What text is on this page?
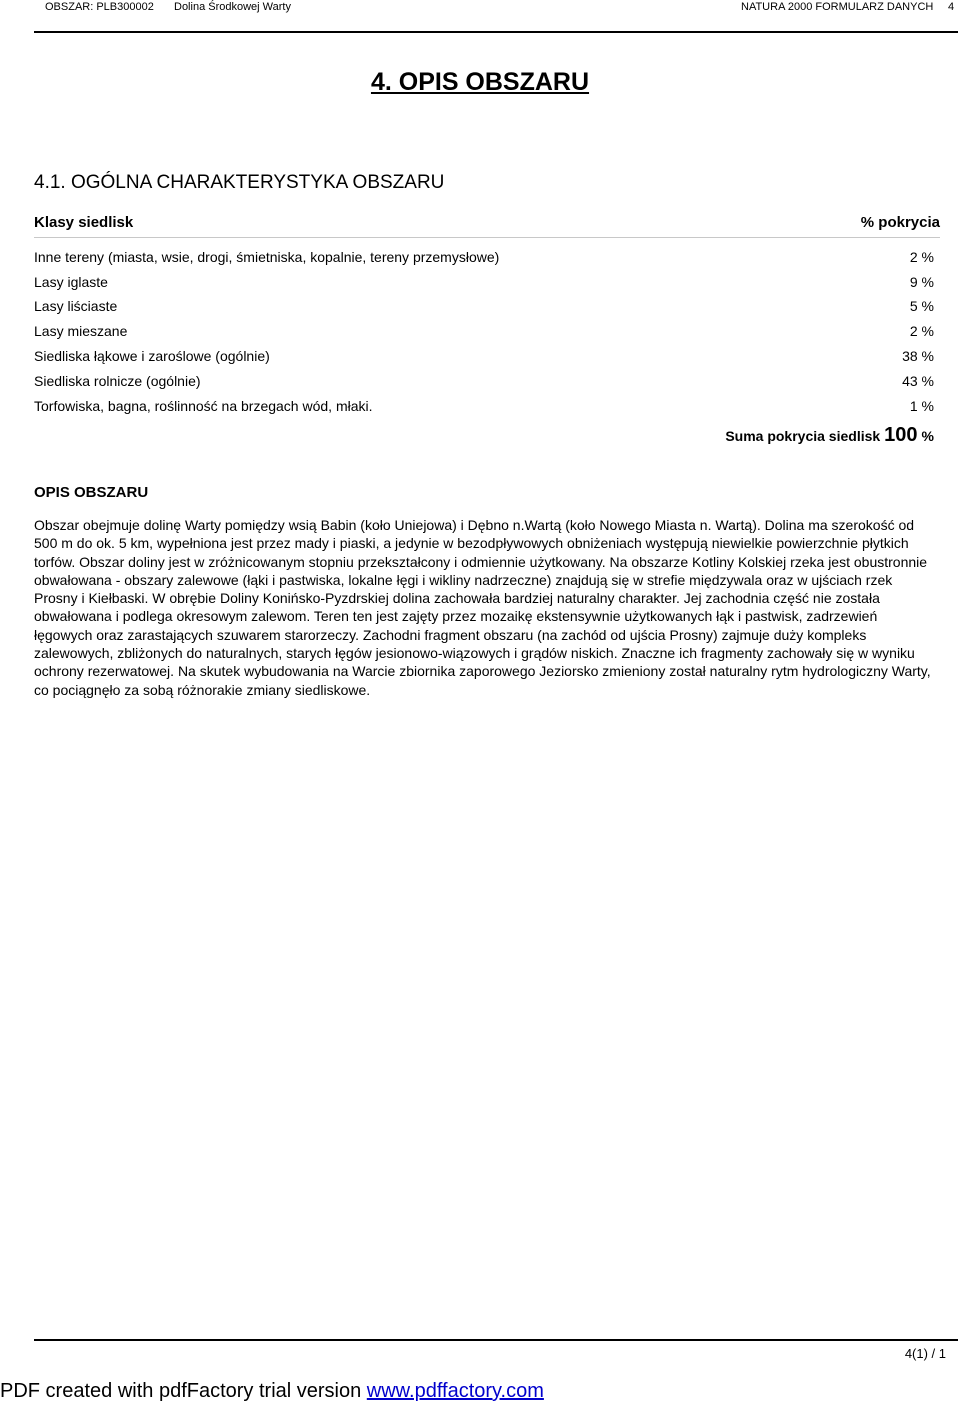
OBSZAR: PLB300002 Dolina Środkowej Warty	NATURA 2000 FORMULARZ DANYCH 4
4. OPIS OBSZARU
4.1. OGÓLNA CHARAKTERYSTYKA OBSZARU
Klasy siedlisk	% pokrycia
Inne tereny (miasta, wsie, drogi, śmietniska, kopalnie, tereny przemysłowe)	2 %
Lasy iglaste	9 %
Lasy liściaste	5 %
Lasy mieszane	2 %
Siedliska łąkowe i zaroślowe (ogólnie)	38 %
Siedliska rolnicze (ogólnie)	43 %
Torfowiska, bagna, roślinność na brzegach wód, młaki.	1 %
Suma pokrycia siedlisk 100 %
OPIS OBSZARU

Obszar obejmuje dolinę Warty pomiędzy wsią Babin (koło Uniejowa) i Dębno n.Wartą (koło Nowego Miasta n. Wartą). Dolina ma szerokość od 500 m do ok. 5 km, wypełniona jest przez mady i piaski, a jedynie w bezodpływowych obniżeniach występują niewielkie powierzchnie płytkich torfów. Obszar doliny jest w zróżnicowanym stopniu przekształcony i odmiennie użytkowany. Na obszarze Kotliny Kolskiej rzeka jest obustronnie obwałowana - obszary zalewowe (łąki i pastwiska, lokalne łęgi i wikliny nadrzeczne) znajdują się w strefie międzywala oraz w ujściach rzek Prosny i Kiełbaski. W obrębie Doliny Konińsko-Pyzdrskiej dolina zachowała bardziej naturalny charakter. Jej zachodnia część nie została obwałowana i podlega okresowym zalewom. Teren ten jest zajęty przez mozaikę ekstensywnie użytkowanych łąk i pastwisk, zadrzewień łęgowych oraz zarastających szuwarem starorzeczy. Zachodni fragment obszaru (na zachód od ujścia Prosny) zajmuje duży kompleks zalewowych, zbliżonych do naturalnych, starych łęgów jesionowo-wiązowych i grądów niskich. Znaczne ich fragmenty zachowały się w wyniku ochrony rezerwatowej. Na skutek wybudowania na Warcie zbiornika zaporowego Jeziorsko zmieniony został naturalny rytm hydrologiczny Warty, co pociągnęło za sobą różnorakie zmiany siedliskowe.

4(1) / 1
PDF created with pdfFactory trial version www.pdffactory.com
